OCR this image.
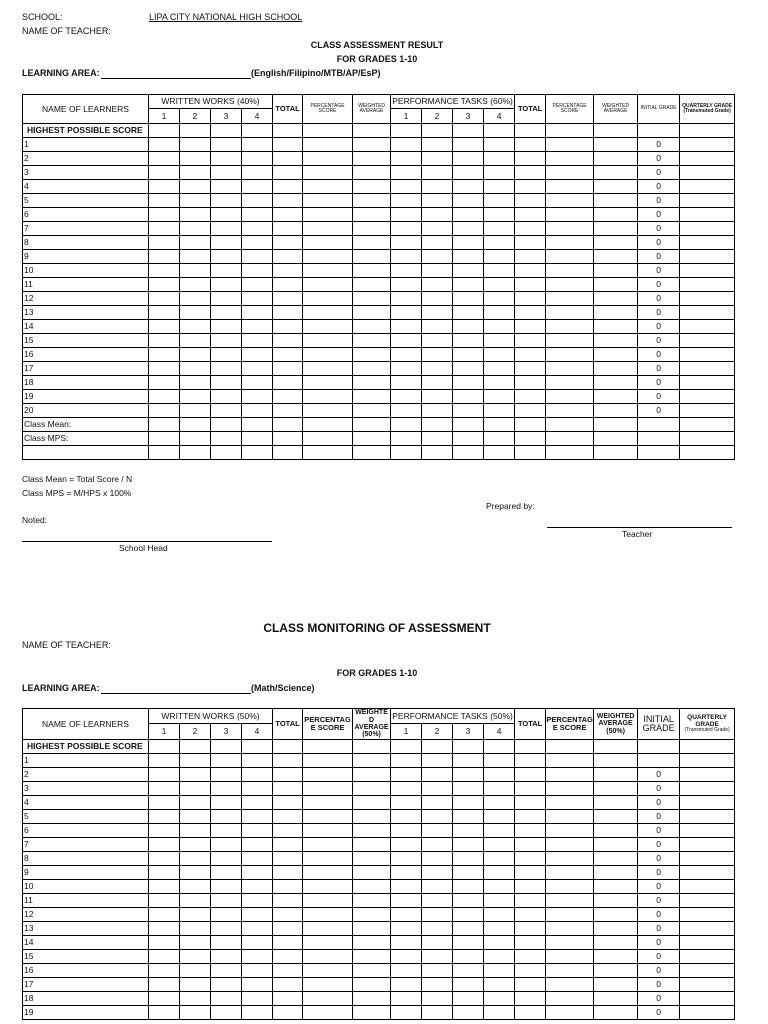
SCHOOL:	LIPA CITY NATIONAL HIGH SCHOOL
NAME OF TEACHER:
CLASS ASSESSMENT RESULT
FOR GRADES 1-10
LEARNING AREA:	(English/Filipino/MTB/AP/EsP)
NAME OF LEARNERS	WRITTEN WORKS (40%)				TOTAL	PERCENTAGE SCORE	WEIGHTED AVERAGE	PERFORMANCE TASKS (60%)				TOTAL	PERCENTAGE SCORE	WEIGHTED AVERAGE	INITIAL GRADE	QUARTERLY GRADE (Transmuted Grade)
	1	2	3	4				1	2	3	4					
HIGHEST POSSIBLE SCORE																
1															0	
2															0	
3															0	
4															0	
5															0	
6															0	
7															0	
8															0	
9															0	
10															0	
11															0	
12															0	
13															0	
14															0	
15															0	
16															0	
17															0	
18															0	
19															0	
20															0	
Class Mean:																
Class MPS:																

Class Mean = Total Score / N
Class MPS = M/HPS x 100%
Prepared by:
Noted:
Teacher
School Head
CLASS MONITORING OF ASSESSMENT
NAME OF TEACHER:
FOR GRADES 1-10
LEARNING AREA:	(Math/Science)
NAME OF LEARNERS	WRITTEN WORKS (50%)				TOTAL	PERCENTAG E SCORE	WEIGHTE D AVERAGE (50%)	PERFORMANCE TASKS (50%)				TOTAL	PERCENTAG E SCORE	WEIGHTED AVERAGE (50%)	INITIAL GRADE	QUARTERLY GRADE
(Transmuted Grade)

	1	2	3	4				1	2	3	4					
HIGHEST POSSIBLE SCORE																
1																
2															0	
3															0	
4															0	
5															0	
6															0	
7															0	
8															0	
9															0	
10															0	
11															0	
12															0	
13															0	
14															0	
15															0	
16															0	
17															0	
18															0	
19															0	
